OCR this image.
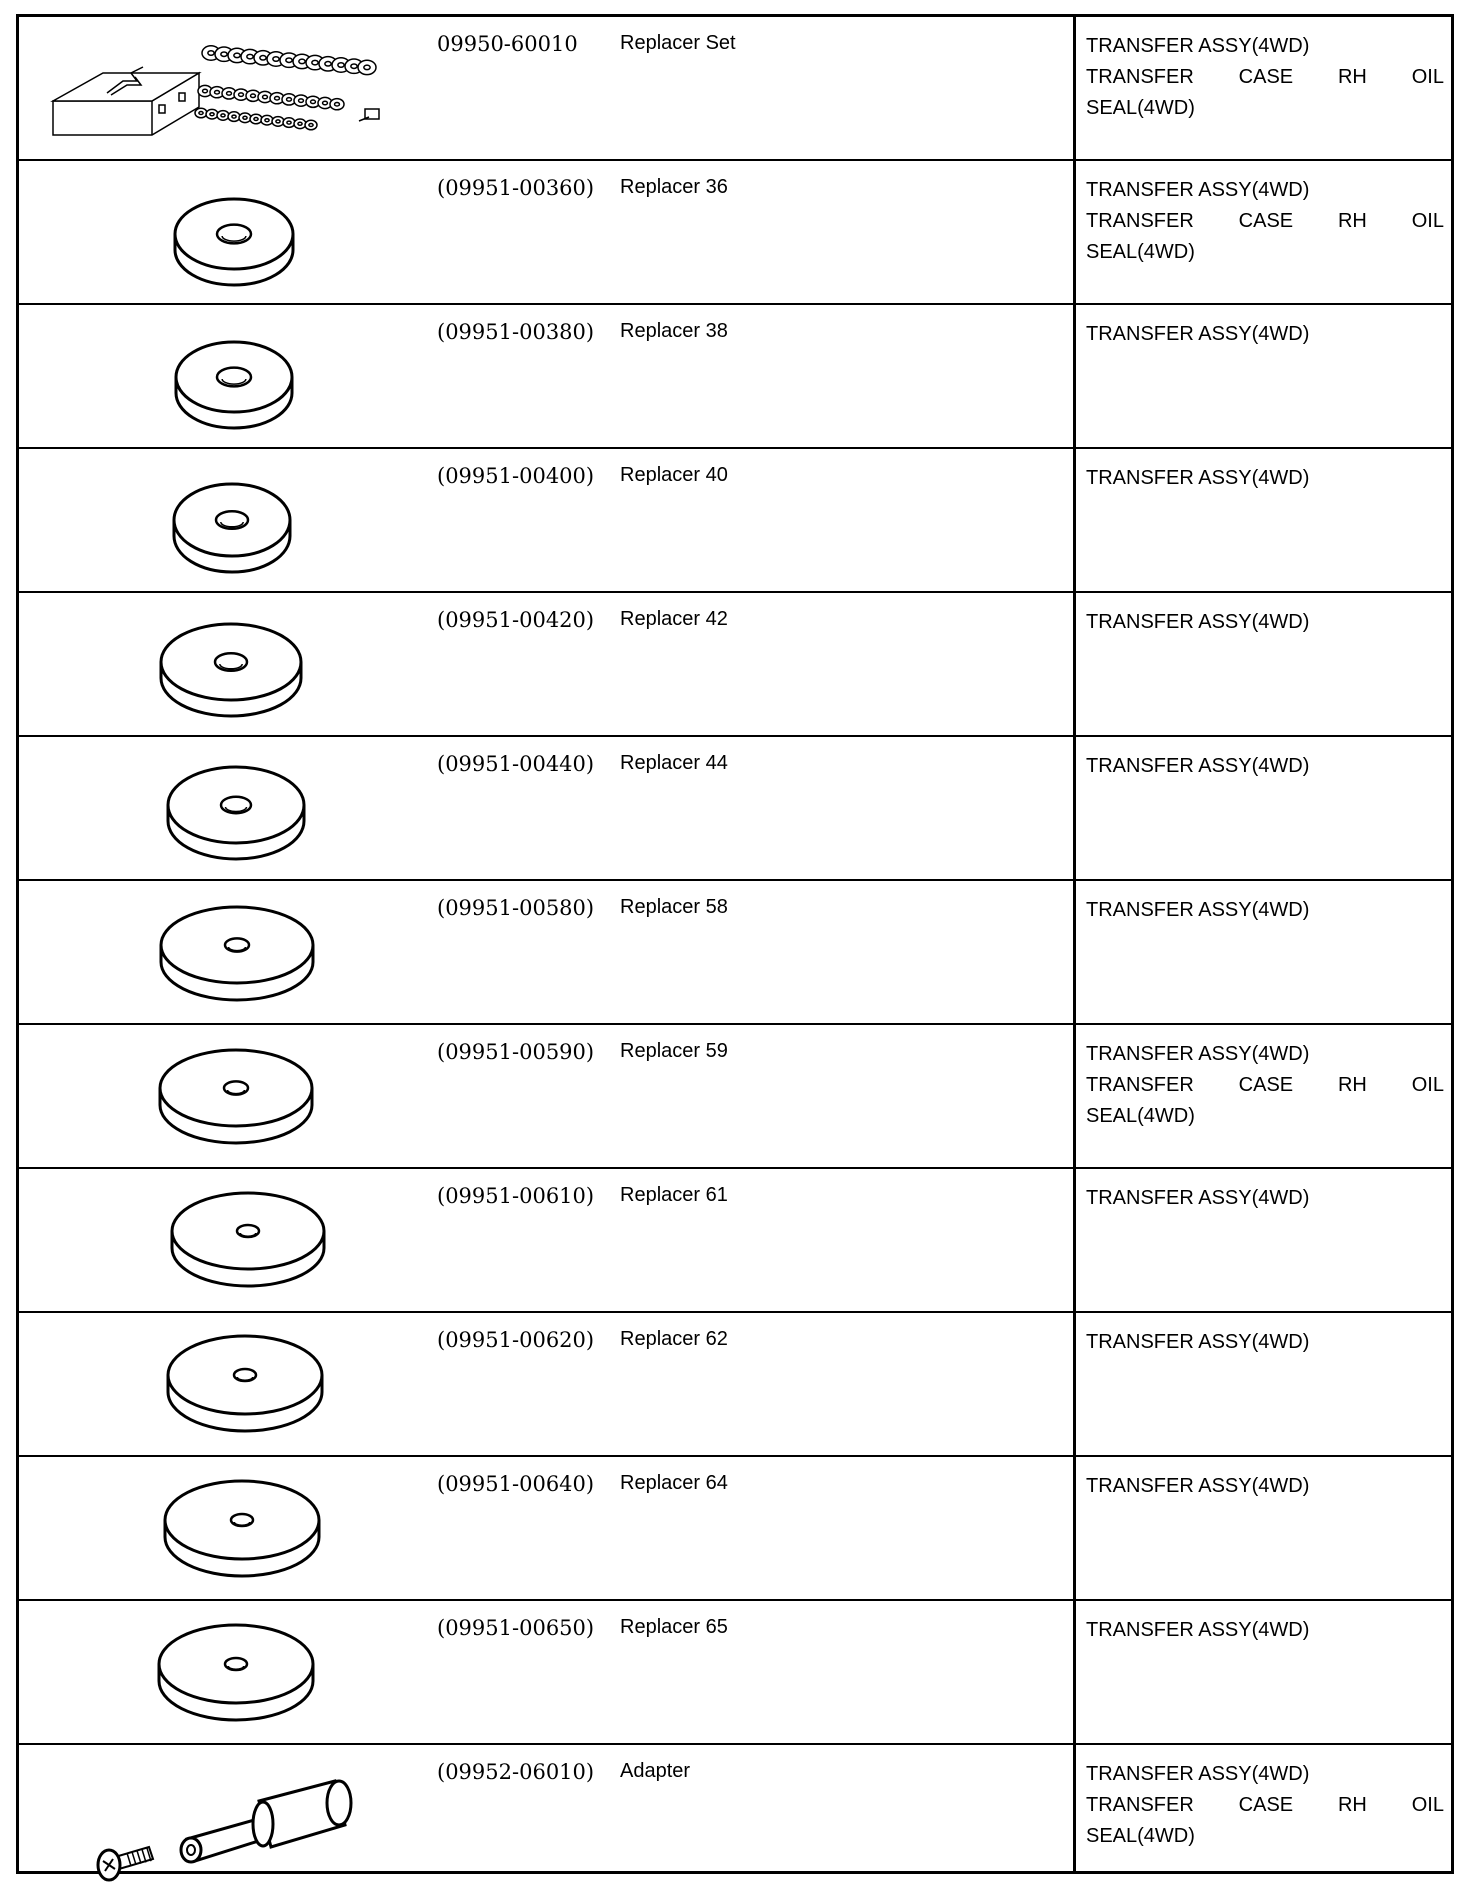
09950-60010 Replacer Set	TRANSFER ASSY(4WD)
TRANSFER CASE RH OIL
SEAL(4WD)
(09951-00360) Replacer 36	TRANSFER ASSY(4WD)
TRANSFER CASE RH OIL
SEAL(4WD)
(09951-00380) Replacer 38	TRANSFER ASSY(4WD)
(09951-00400) Replacer 40	TRANSFER ASSY(4WD)
(09951-00420) Replacer 42	TRANSFER ASSY(4WD)
(09951-00440) Replacer 44	TRANSFER ASSY(4WD)
(09951-00580) Replacer 58	TRANSFER ASSY(4WD)
(09951-00590) Replacer 59	TRANSFER ASSY(4WD)
TRANSFER CASE RH OIL
SEAL(4WD)
(09951-00610) Replacer 61	TRANSFER ASSY(4WD)
(09951-00620) Replacer 62	TRANSFER ASSY(4WD)
(09951-00640) Replacer 64	TRANSFER ASSY(4WD)
(09951-00650) Replacer 65	TRANSFER ASSY(4WD)
(09952-06010) Adapter	TRANSFER ASSY(4WD)
TRANSFER CASE RH OIL
SEAL(4WD)
